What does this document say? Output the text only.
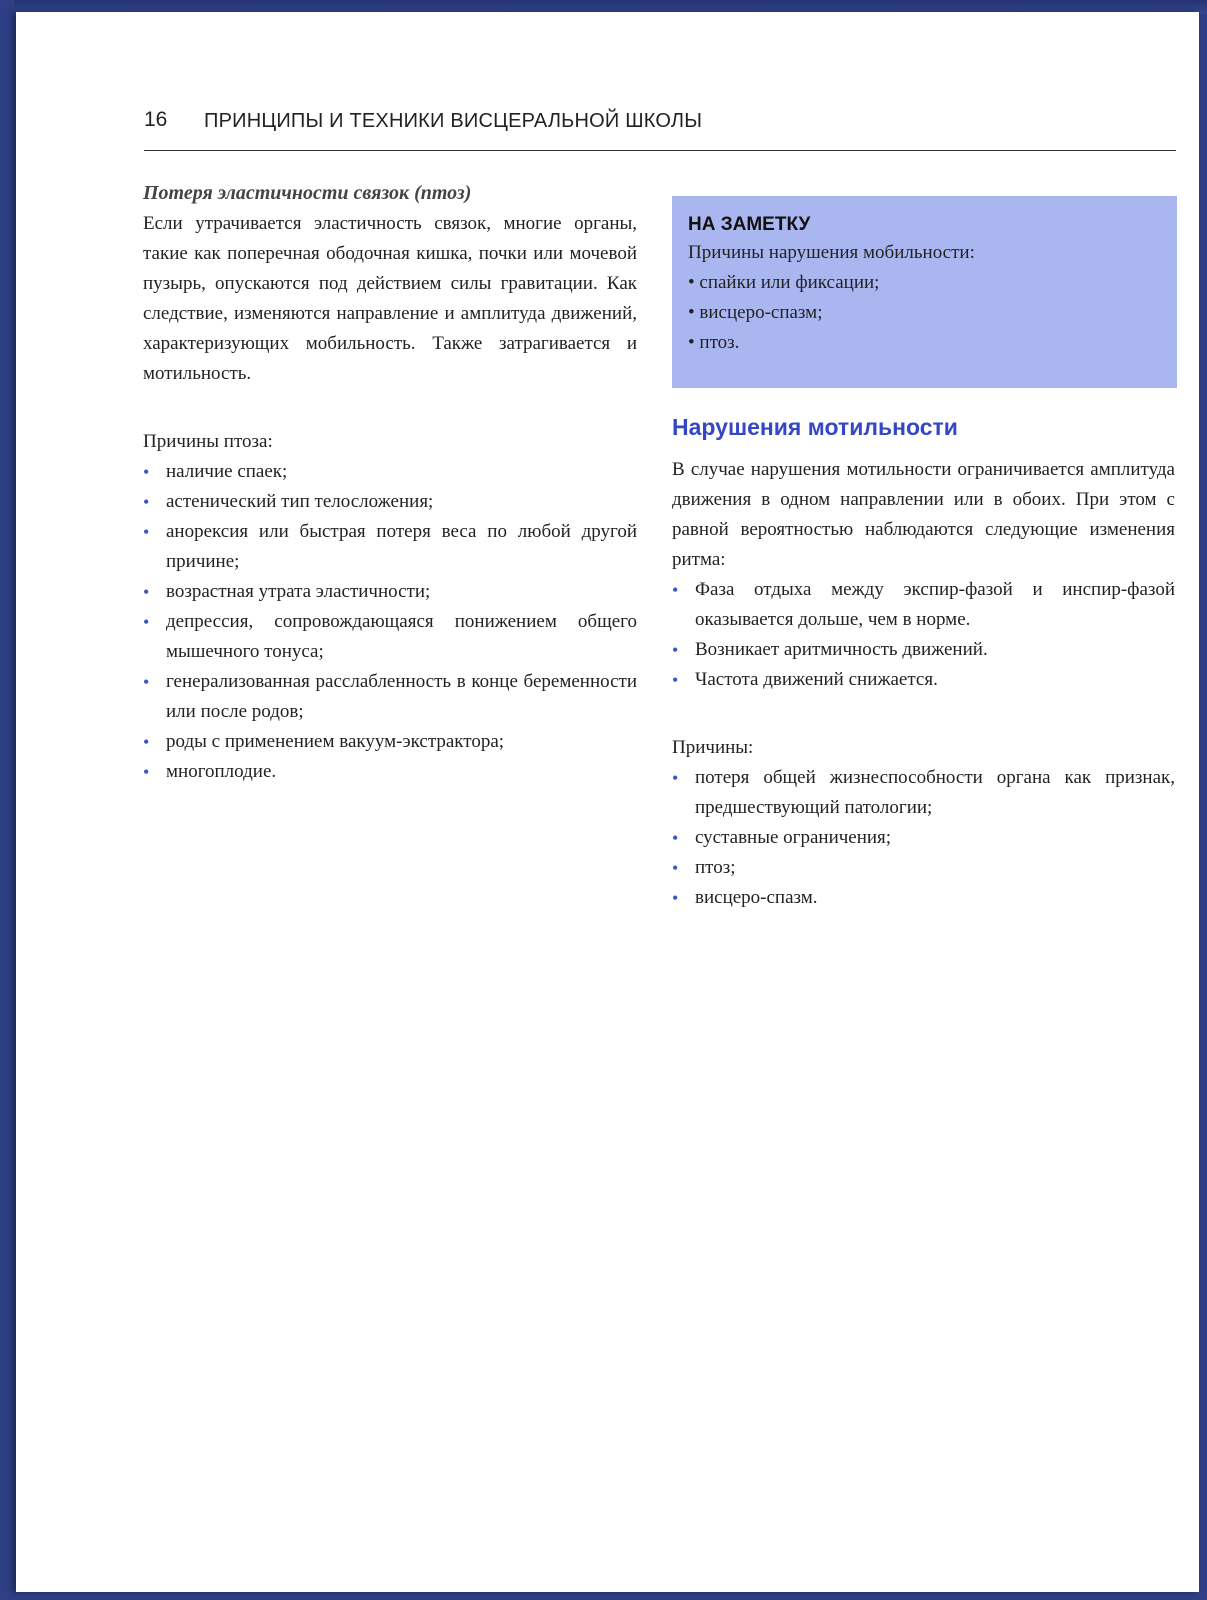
16 ПРИНЦИПЫ И ТЕХНИКИ ВИСЦЕРАЛЬНОЙ ШКОЛЫ
Потеря эластичности связок (птоз)

Если утрачивается эластичность связок, многие органы, такие как поперечная ободочная кишка, почки или мочевой пузырь, опускаются под действием силы гравитации. Как следствие, изменяются направление и амплитуда движений, характеризующих мобильность. Также затрагивается и мотильность.

Причины птоза:
• наличие спаек;
• астенический тип телосложения;
• анорексия или быстрая потеря веса по любой другой причине;
• возрастная утрата эластичности;
• депрессия, сопровождающаяся понижением общего мышечного тонуса;
• генерализованная расслабленность в конце беременности или после родов;
• роды с применением вакуум-экстрактора;
• многоплодие.
НА ЗАМЕТКУ
Причины нарушения мобильности:
• спайки или фиксации;
• висцеро-спазм;
• птоз.
Нарушения мотильности

В случае нарушения мотильности ограничивается амплитуда движения в одном направлении или в обоих. При этом с равной вероятностью наблюдаются следующие изменения ритма:

• Фаза отдыха между экспир-фазой и инспир-фазой оказывается дольше, чем в норме.
• Возникает аритмичность движений.
• Частота движений снижается.
Причины:
• потеря общей жизнеспособности органа как признак, предшествующий патологии;
• суставные ограничения;
• птоз;
• висцеро-спазм.
